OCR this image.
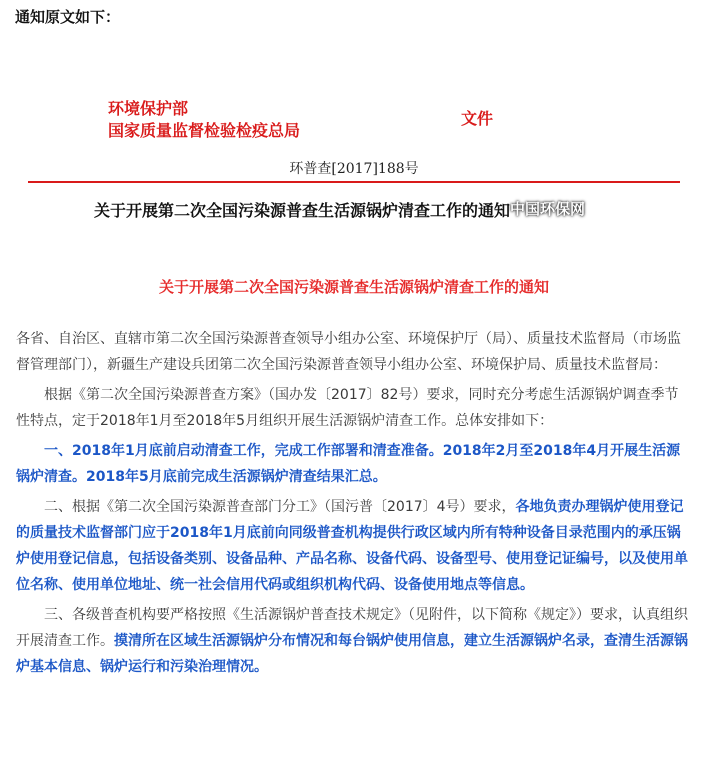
通知原文如下：
环境保护部
国家质量监督检验检疫总局
文件
环普查[2017]188号
关于开展第二次全国污染源普查生活源锅炉清查工作的通知 中国环保网
关于开展第二次全国污染源普查生活源锅炉清查工作的通知

各省、自治区、直辖市第二次全国污染源普查领导小组办公室、环境保护厅（局）、质量技术监督局（市场监督管理部门），新疆生产建设兵团第二次全国污染源普查领导小组办公室、环境保护局、质量技术监督局：

根据《第二次全国污染源普查方案》（国办发〔2017〕82号）要求，同时充分考虑生活源锅炉调查季节性特点，定于2018年1月至2018年5月组织开展生活源锅炉清查工作。总体安排如下：

一、2018年1月底前启动清查工作，完成工作部署和清查准备。2018年2月至2018年4月开展生活源锅炉清查。2018年5月底前完成生活源锅炉清查结果汇总。

二、根据《第二次全国污染源普查部门分工》（国污普〔2017〕4号）要求，各地负责办理锅炉使用登记的质量技术监督部门应于2018年1月底前向同级普查机构提供行政区域内所有特种设备目录范围内的承压锅炉使用登记信息，包括设备类别、设备品种、产品名称、设备代码、设备型号、使用登记证编号，以及使用单位名称、使用单位地址、统一社会信用代码或组织机构代码、设备使用地点等信息。

三、各级普查机构要严格按照《生活源锅炉普查技术规定》（见附件，以下简称《规定》）要求，认真组织开展清查工作。摸清所在区域生活源锅炉分布情况和每台锅炉使用信息，建立生活源锅炉名录，查清生活源锅炉基本信息、锅炉运行和污染治理情况。
